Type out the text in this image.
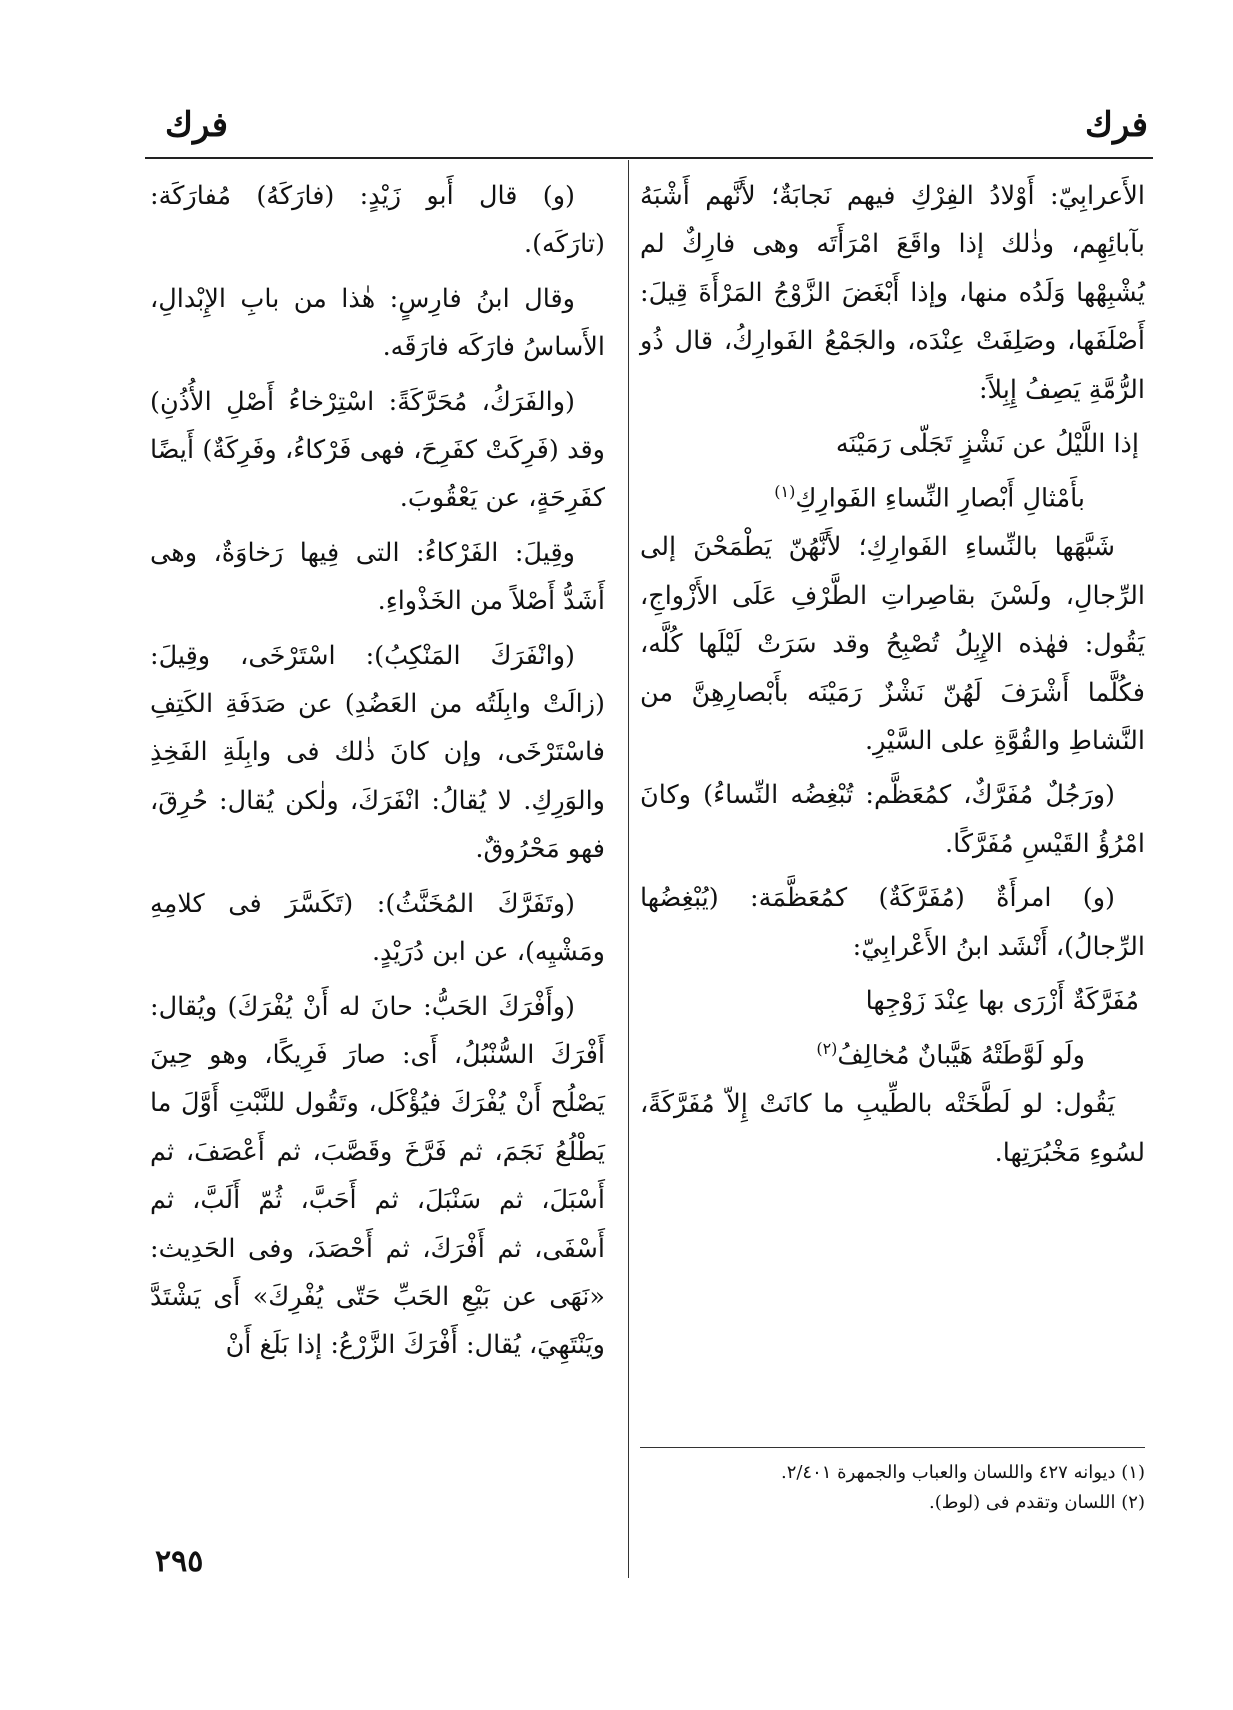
فرك
فرك

الأَعرابِيّ: أَوْلادُ الفِرْكِ فيهم نَجابَةٌ؛ لأَنَّهم أَشْبَهُ بآبائِهِم، وذٰلك إذا واقَعَ امْرَأَتَه وهى فارِكٌ لم يُشْبِهْها وَلَدُه منها، وإذا أَبْغَضَ الزَّوْجُ المَرْأَةَ قِيلَ: أَصْلَفَها، وصَلِفَتْ عِنْدَه، والجَمْعُ الفَوارِكُ، قال ذُو الرُّمَّةِ يَصِفُ إِبِلاً:

إذا اللَّيْلُ عن نَشْزٍ تَجَلّى رَمَيْنَه

بأَمْثالِ أَبْصارِ النِّساءِ الفَوارِكِ$^{(١)}$

شَبَّهَها بالنِّساءِ الفَوارِكِ؛ لأَنَّهُنّ يَطْمَحْنَ إلى الرِّجالِ، ولَسْنَ بقاصِراتِ الطَّرْفِ عَلَى الأَزْواجِ، يَقُول: فهٰذه الإِبِلُ تُصْبِحُ وقد سَرَتْ لَيْلَها كُلَّه، فكُلَّما أَشْرَفَ لَهُنّ نَشْزٌ رَمَيْنَه بأَبْصارِهِنَّ من النَّشاطِ والقُوَّةِ على السَّيْرِ.

(ورَجُلٌ مُفَرَّكٌ، كمُعَظَّم: تُبْغِضُه النِّساءُ) وكانَ امْرُؤُ القَيْسِ مُفَرَّكًا.

(و) امرأَةٌ (مُفَرَّكَةٌ) كمُعَظَّمَة: (يُبْغِضُها الرِّجالُ)، أَنْشَد ابنُ الأَعْرابِيّ:

مُفَرَّكَةٌ أَزْرَى بها عِنْدَ زَوْجِها

ولَو لَوَّطَتْهُ هَيَّبانٌ مُخالِفُ$^{(٢)}$

يَقُول: لو لَطَّخَتْه بالطِّيبِ ما كانَتْ إِلاّ مُفَرَّكَةً، لسُوءِ مَخْبُرَتِها.

(و) قال أَبو زَيْدٍ: (فارَكَهُ) مُفارَكَة: (تارَكَه).

وقال ابنُ فارِسٍ: هٰذا من بابِ الإِبْدالِ، الأَساسُ فارَكَه فارَقَه.

(والفَرَكُ، مُحَرَّكَةً: اسْتِرْخاءُ أَصْلِ الأُذُنِ) وقد (فَرِكَتْ كفَرِحَ، فهى فَرْكاءُ، وفَرِكَةٌ) أَيضًا كفَرِحَةٍ، عن يَعْقُوبَ.

وقِيلَ: الفَرْكاءُ: التى فِيها رَخاوَةٌ، وهى أَشَدُّ أَصْلاً من الخَذْواءِ.

(وانْفَرَكَ المَنْكِبُ): اسْتَرْخَى، وقِيلَ: (زالَتْ وابِلَتُه من العَضُدِ) عن صَدَفَةِ الكَتِفِ فاسْتَرْخَى، وإن كانَ ذٰلك فى وابِلَةِ الفَخِذِ والوَرِكِ. لا يُقالُ: انْفَرَكَ، ولٰكن يُقال: حُرِقَ، فهو مَحْرُوقٌ.

(وتَفَرَّكَ المُخَنَّثُ): (تَكَسَّرَ فى كلامِهِ ومَشْيِه)، عن ابن دُرَيْدٍ.

(وأَفْرَكَ الحَبُّ: حانَ له أَنْ يُفْرَكَ) ويُقال: أَفْرَكَ السُّنْبُلُ، أَى: صارَ فَرِيكًا، وهو حِينَ يَصْلُح أَنْ يُفْرَكَ فيُؤْكَل، وتَقُول للنَّبْتِ أَوَّلَ ما يَطْلُعُ نَجَمَ، ثم فَرَّخَ وقَصَّبَ، ثم أَعْصَفَ، ثم أَسْبَلَ، ثم سَنْبَلَ، ثم أَحَبَّ، ثُمّ أَلَبَّ، ثم أَسْفَى، ثم أَفْرَكَ، ثم أَحْصَدَ، وفى الحَدِيث: «نَهَى عن بَيْعِ الحَبِّ حَتّى يُفْرِكَ» أَى يَشْتَدَّ ويَنْتَهِيَ، يُقال: أَفْرَكَ الزَّرْعُ: إذا بَلَغ أَنْ

(١) ديوانه ٤٢٧ واللسان والعباب والجمهرة ٢/٤٠١.

(٢) اللسان وتقدم فى (لوط).

٢٩٥
